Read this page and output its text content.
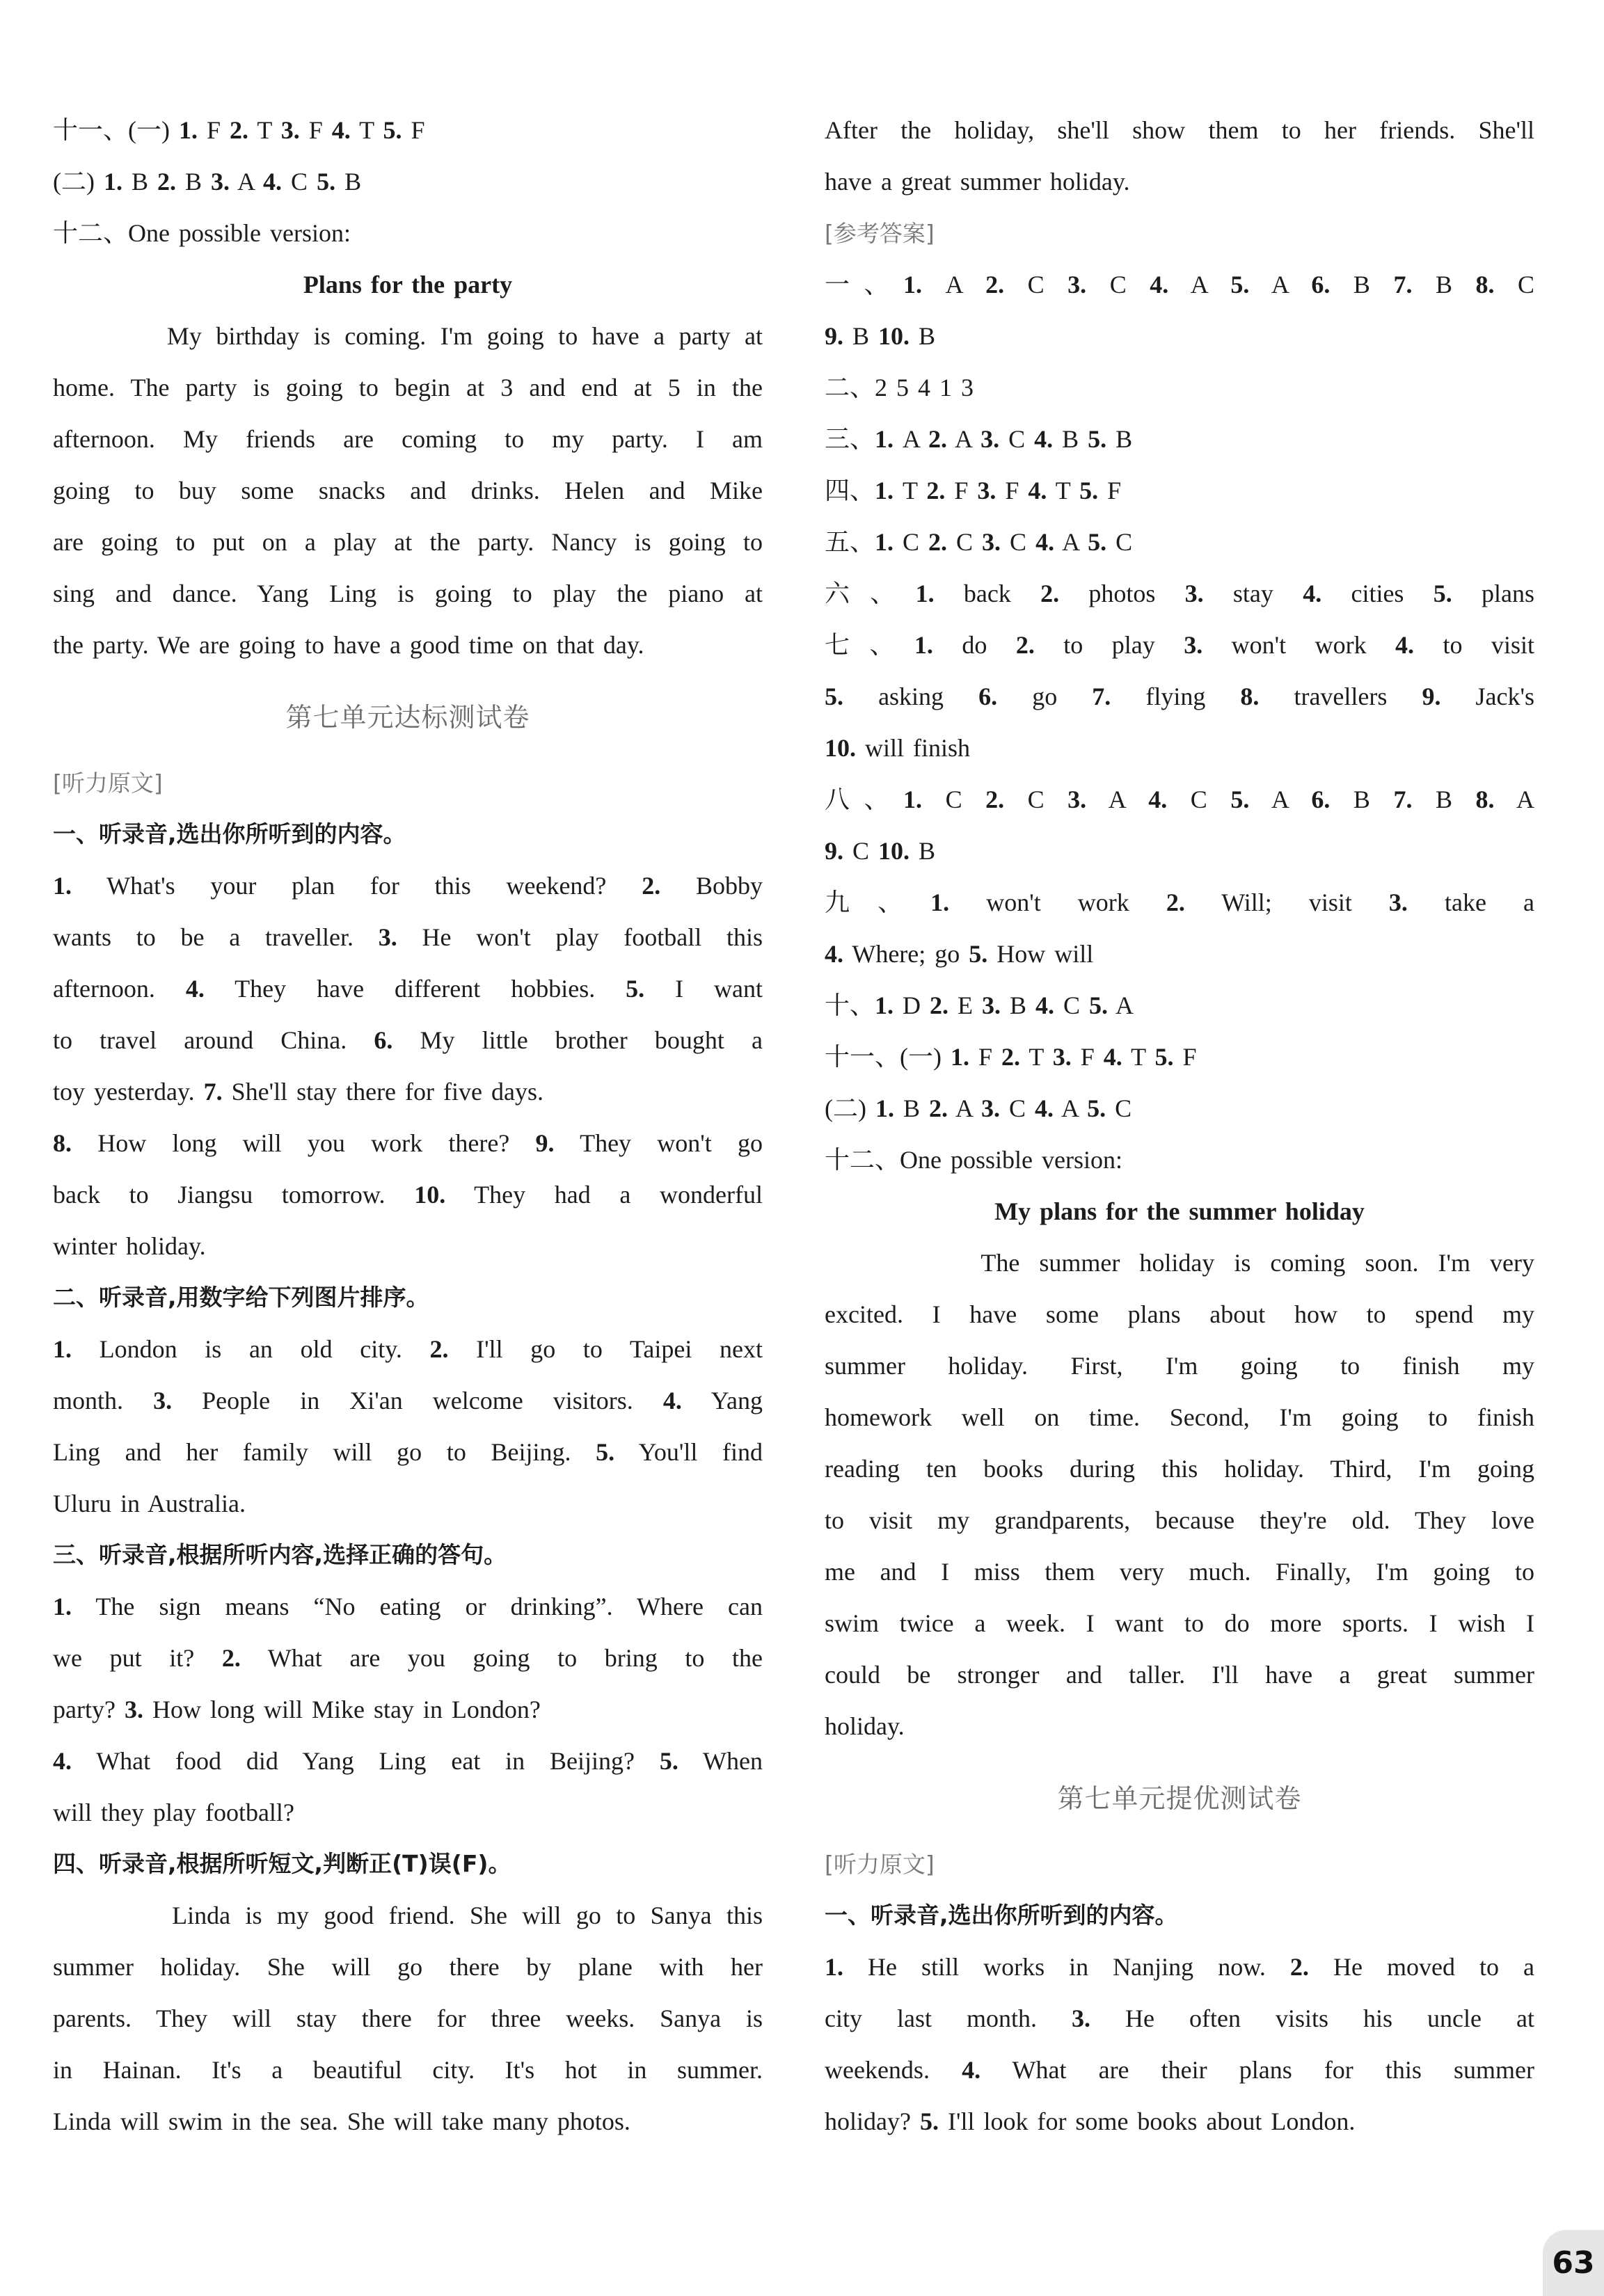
十一、(一) 1. F 2. T 3. F 4. T 5. F
(二) 1. B 2. B 3. A 4. C 5. B
十二、One possible version:
Plans for the party
My birthday is coming. I'm going to have a party at
home. The party is going to begin at 3 and end at 5 in the
afternoon. My friends are coming to my party. I am
going to buy some snacks and drinks. Helen and Mike
are going to put on a play at the party. Nancy is going to
sing and dance. Yang Ling is going to play the piano at
the party. We are going to have a good time on that day.
第七单元达标测试卷
[听力原文]
一、听录音,选出你所听到的内容。
1. What's your plan for this weekend? 2. Bobby
wants to be a traveller. 3. He won't play football this
afternoon. 4. They have different hobbies. 5. I want
to travel around China. 6. My little brother bought a
toy yesterday. 7. She'll stay there for five days.
8. How long will you work there? 9. They won't go
back to Jiangsu tomorrow. 10. They had a wonderful
winter holiday.
二、听录音,用数字给下列图片排序。
1. London is an old city. 2. I'll go to Taipei next
month. 3. People in Xi'an welcome visitors. 4. Yang
Ling and her family will go to Beijing. 5. You'll find
Uluru in Australia.
三、听录音,根据所听内容,选择正确的答句。
1. The sign means “No eating or drinking”. Where can
we put it? 2. What are you going to bring to the
party? 3. How long will Mike stay in London?
4. What food did Yang Ling eat in Beijing? 5. When
will they play football?
四、听录音,根据所听短文,判断正(T)误(F)。
Linda is my good friend. She will go to Sanya this
summer holiday. She will go there by plane with her
parents. They will stay there for three weeks. Sanya is
in Hainan. It's a beautiful city. It's hot in summer.
Linda will swim in the sea. She will take many photos.
After the holiday, she'll show them to her friends. She'll
have a great summer holiday.
[参考答案]
一、1. A 2. C 3. C 4. A 5. A 6. B 7. B 8. C
9. B 10. B
二、2 5 4 1 3
三、1. A 2. A 3. C 4. B 5. B
四、1. T 2. F 3. F 4. T 5. F
五、1. C 2. C 3. C 4. A 5. C
六、1. back 2. photos 3. stay 4. cities 5. plans
七、1. do 2. to play 3. won't work 4. to visit
5. asking 6. go 7. flying 8. travellers 9. Jack's
10. will finish
八、1. C 2. C 3. A 4. C 5. A 6. B 7. B 8. A
9. C 10. B
九、1. won't work 2. Will; visit 3. take a
4. Where; go 5. How will
十、1. D 2. E 3. B 4. C 5. A
十一、(一) 1. F 2. T 3. F 4. T 5. F
(二) 1. B 2. A 3. C 4. A 5. C
十二、One possible version:
My plans for the summer holiday
The summer holiday is coming soon. I'm very
excited. I have some plans about how to spend my
summer holiday. First, I'm going to finish my
homework well on time. Second, I'm going to finish
reading ten books during this holiday. Third, I'm going
to visit my grandparents, because they're old. They love
me and I miss them very much. Finally, I'm going to
swim twice a week. I want to do more sports. I wish I
could be stronger and taller. I'll have a great summer
holiday.
第七单元提优测试卷
[听力原文]
一、听录音,选出你所听到的内容。
1. He still works in Nanjing now. 2. He moved to a
city last month. 3. He often visits his uncle at
weekends. 4. What are their plans for this summer
holiday? 5. I'll look for some books about London.
63
